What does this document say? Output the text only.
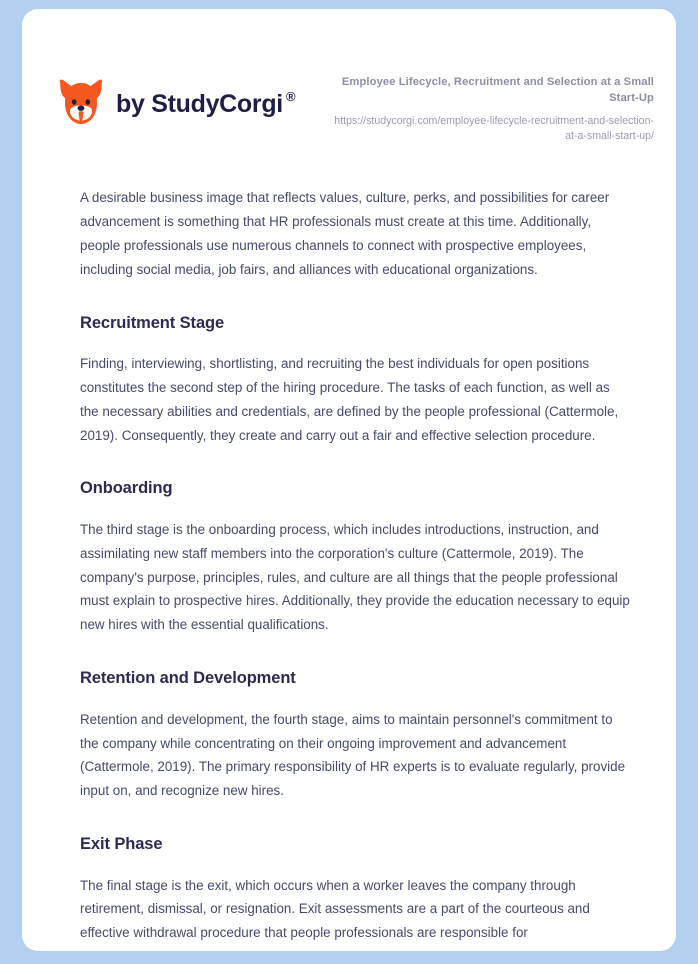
by StudyCorgi ®
Employee Lifecycle, Recruitment and Selection at a Small Start-Up
https://studycorgi.com/employee-lifecycle-recruitment-and-selection-at-a-small-start-up/

A desirable business image that reflects values, culture, perks, and possibilities for career advancement is something that HR professionals must create at this time. Additionally, people professionals use numerous channels to connect with prospective employees, including social media, job fairs, and alliances with educational organizations.

Recruitment Stage

Finding, interviewing, shortlisting, and recruiting the best individuals for open positions constitutes the second step of the hiring procedure. The tasks of each function, as well as the necessary abilities and credentials, are defined by the people professional (Cattermole, 2019). Consequently, they create and carry out a fair and effective selection procedure.

Onboarding

The third stage is the onboarding process, which includes introductions, instruction, and assimilating new staff members into the corporation's culture (Cattermole, 2019). The company's purpose, principles, rules, and culture are all things that the people professional must explain to prospective hires. Additionally, they provide the education necessary to equip new hires with the essential qualifications.

Retention and Development

Retention and development, the fourth stage, aims to maintain personnel's commitment to the company while concentrating on their ongoing improvement and advancement (Cattermole, 2019). The primary responsibility of HR experts is to evaluate regularly, provide input on, and recognize new hires.

Exit Phase

The final stage is the exit, which occurs when a worker leaves the company through retirement, dismissal, or resignation. Exit assessments are a part of the courteous and effective withdrawal procedure that people professionals are responsible for
